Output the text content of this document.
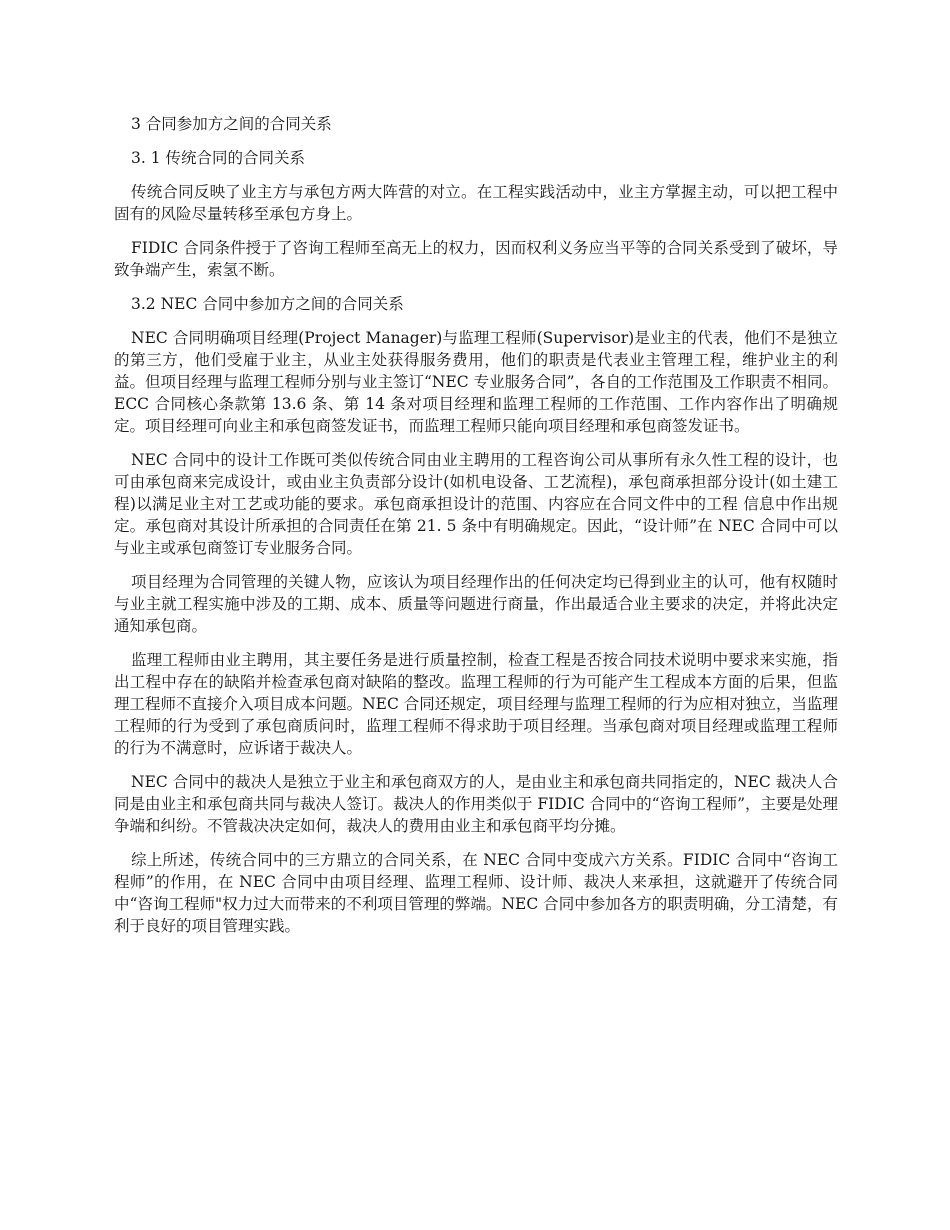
3 合同参加方之间的合同关系

3. 1 传统合同的合同关系

传统合同反映了业主方与承包方两大阵营的对立。在工程实践活动中，业主方掌握主动，可以把工程中固有的风险尽量转移至承包方身上。

FIDIC 合同条件授于了咨询工程师至高无上的权力，因而权利义务应当平等的合同关系受到了破坏，导致争端产生，索氢不断。

3.2 NEC 合同中参加方之间的合同关系

NEC 合同明确项目经理(Project Manager)与监理工程师(Supervisor)是业主的代表，他们不是独立的第三方，他们受雇于业主，从业主处获得服务费用，他们的职责是代表业主管理工程，维护业主的利益。但项目经理与监理工程师分别与业主签订“NEC 专业服务合同”，各自的工作范围及工作职责不相同。ECC 合同核心条款第 13.6 条、第 14 条对项目经理和监理工程师的工作范围、工作内容作出了明确规定。项目经理可向业主和承包商签发证书，而监理工程师只能向项目经理和承包商签发证书。

NEC 合同中的设计工作既可类似传统合同由业主聘用的工程咨询公司从事所有永久性工程的设计，也可由承包商来完成设计，或由业主负责部分设计(如机电设备、工艺流程)，承包商承担部分设计(如土建工程)以满足业主对工艺或功能的要求。承包商承担设计的范围、内容应在合同文件中的工程 信息中作出规定。承包商对其设计所承担的合同责任在第 21. 5 条中有明确规定。因此，“设计师”在 NEC 合同中可以与业主或承包商签订专业服务合同。

项目经理为合同管理的关键人物，应该认为项目经理作出的任何决定均已得到业主的认可，他有权随时与业主就工程实施中涉及的工期、成本、质量等问题进行商量，作出最适合业主要求的决定，并将此决定通知承包商。

监理工程师由业主聘用，其主要任务是进行质量控制，检查工程是否按合同技术说明中要求来实施，指出工程中存在的缺陷并检查承包商对缺陷的整改。监理工程师的行为可能产生工程成本方面的后果，但监理工程师不直接介入项目成本问题。NEC 合同还规定，项目经理与监理工程师的行为应相对独立，当监理工程师的行为受到了承包商质问时，监理工程师不得求助于项目经理。当承包商对项目经理或监理工程师的行为不满意时，应诉诸于裁决人。

NEC 合同中的裁决人是独立于业主和承包商双方的人，是由业主和承包商共同指定的，NEC 裁决人合同是由业主和承包商共同与裁决人签订。裁决人的作用类似于 FIDIC 合同中的“咨询工程师”，主要是处理争端和纠纷。不管裁决决定如何，裁决人的费用由业主和承包商平均分摊。

综上所述，传统合同中的三方鼎立的合同关系，在 NEC 合同中变成六方关系。FIDIC 合同中“咨询工程师”的作用，在 NEC 合同中由项目经理、监理工程师、设计师、裁决人来承担，这就避开了传统合同中“咨询工程师"权力过大而带来的不利项目管理的弊端。NEC 合同中参加各方的职责明确，分工清楚，有利于良好的项目管理实践。
